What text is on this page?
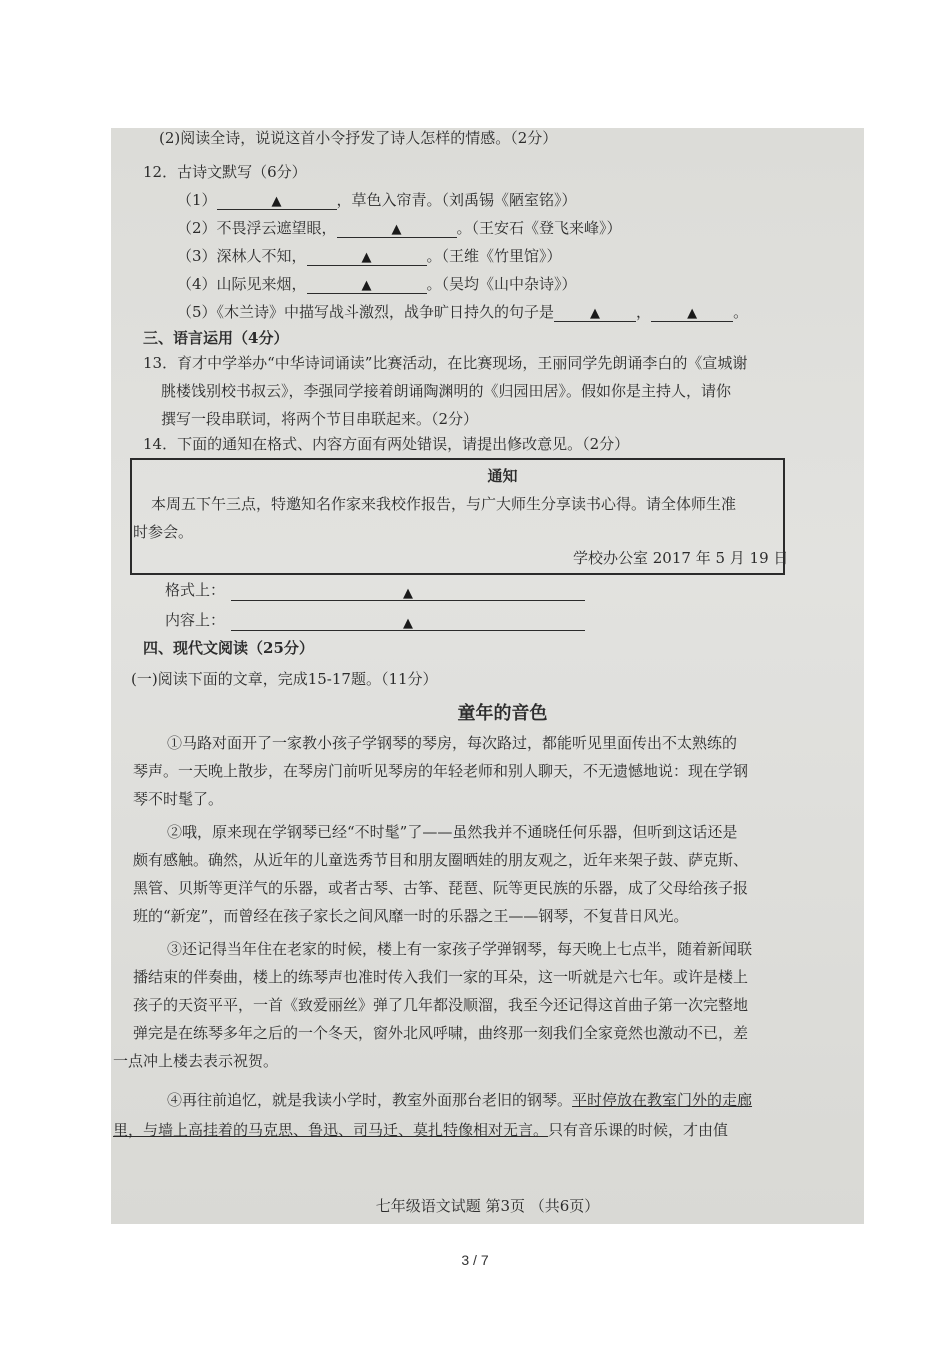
(2)阅读全诗，说说这首小令抒发了诗人怎样的情感。（2分）
12．古诗文默写（6分）
（1）	▲	，草色入帘青。（刘禹锡《陋室铭》）
（2）不畏浮云遮望眼，	▲	。（王安石《登飞来峰》）
（3）深林人不知，	▲	。（王维《竹里馆》）
（4）山际见来烟，	▲	。（吴均《山中杂诗》）
（5）《木兰诗》中描写战斗激烈，战争旷日持久的句子是	▲ ，	▲ 。
三、语言运用（4分）
13．育才中学举办“中华诗词诵读”比赛活动，在比赛现场，王丽同学先朗诵李白的《宣城谢
朓楼饯别校书叔云》，李强同学接着朗诵陶渊明的《归园田居》。假如你是主持人，请你
撰写一段串联词，将两个节目串联起来。（2分）
14．下面的通知在格式、内容方面有两处错误，请提出修改意见。（2分）
通知
本周五下午三点，特邀知名作家来我校作报告，与广大师生分享读书心得。请全体师生准
时参会。
学校办公室 2017 年 5 月 19 日
格式上：	▲
内容上：	▲
四、现代文阅读（25分）
(一)阅读下面的文章，完成15-17题。（11分）
童年的音色
①马路对面开了一家教小孩子学钢琴的琴房，每次路过，都能听见里面传出不太熟练的
琴声。一天晚上散步，在琴房门前听见琴房的年轻老师和别人聊天，不无遗憾地说：现在学钢
琴不时髦了。
②哦，原来现在学钢琴已经“不时髦”了——虽然我并不通晓任何乐器，但听到这话还是
颇有感触。确然，从近年的儿童选秀节目和朋友圈晒娃的朋友观之，近年来架子鼓、萨克斯、
黑管、贝斯等更洋气的乐器，或者古琴、古筝、琵琶、阮等更民族的乐器，成了父母给孩子报
班的“新宠”，而曾经在孩子家长之间风靡一时的乐器之王——钢琴，不复昔日风光。
③还记得当年住在老家的时候，楼上有一家孩子学弹钢琴，每天晚上七点半，随着新闻联
播结束的伴奏曲，楼上的练琴声也准时传入我们一家的耳朵，这一听就是六七年。或许是楼上
孩子的天资平平，一首《致爱丽丝》弹了几年都没顺溜，我至今还记得这首曲子第一次完整地
弹完是在练琴多年之后的一个冬天，窗外北风呼啸，曲终那一刻我们全家竟然也激动不已，差
一点冲上楼去表示祝贺。
④再往前追忆，就是我读小学时，教室外面那台老旧的钢琴。平时停放在教室门外的走廊
里，与墙上高挂着的马克思、鲁迅、司马迁、莫扎特像相对无言。只有音乐课的时候，才由值
七年级语文试题 第3页 （共6页）
3 / 7
